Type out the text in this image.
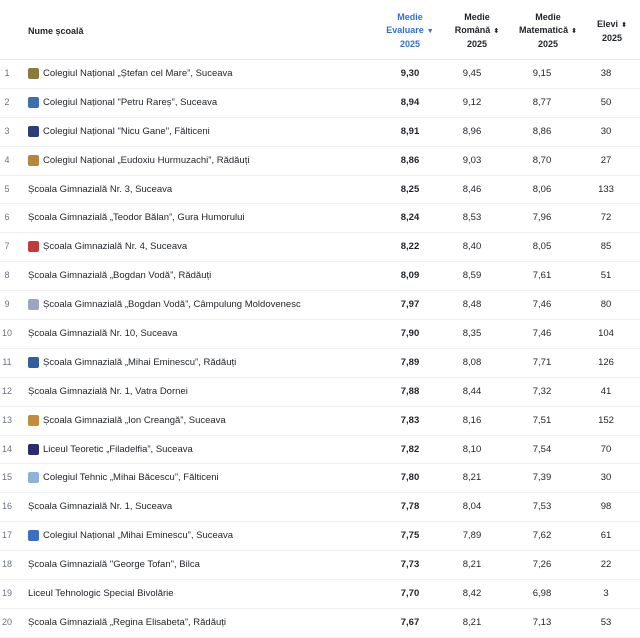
Nume școală
Medie
Evaluare ▼
2025
Medie
Română ⬍
2025
Medie
Matematică ⬍
2025
Elevi ⬍
2025
1	Colegiul Național „Ștefan cel Mare”, Suceava	9,30	9,45	9,15	38
2	Colegiul Național "Petru Rareș", Suceava	8,94	9,12	8,77	50
3	Colegiul Național "Nicu Gane", Fălticeni	8,91	8,96	8,86	30
4	Colegiul Național „Eudoxiu Hurmuzachi”, Rădăuți	8,86	9,03	8,70	27
5	Școala Gimnazială Nr. 3, Suceava	8,25	8,46	8,06	133
6	Școala Gimnazială „Teodor Bălan”, Gura Humorului	8,24	8,53	7,96	72
7	Școala Gimnazială Nr. 4, Suceava	8,22	8,40	8,05	85
8	Școala Gimnazială „Bogdan Vodă”, Rădăuți	8,09	8,59	7,61	51
9	Școala Gimnazială „Bogdan Vodă”, Câmpulung Moldovenesc	7,97	8,48	7,46	80
10 Școala Gimnazială Nr. 10, Suceava	7,90	8,35	7,46	104
11	Școala Gimnazială „Mihai Eminescu”, Rădăuți	7,89	8,08	7,71	126
12 Școala Gimnazială Nr. 1, Vatra Dornei	7,88	8,44	7,32	41
13	Școala Gimnazială „Ion Creangă”, Suceava	7,83	8,16	7,51	152
14	Liceul Teoretic „Filadelfia”, Suceava	7,82	8,10	7,54	70
15	Colegiul Tehnic „Mihai Băcescu”, Fălticeni	7,80	8,21	7,39	30
16 Școala Gimnazială Nr. 1, Suceava	7,78	8,04	7,53	98
17	Colegiul Național „Mihai Eminescu”, Suceava	7,75	7,89	7,62	61
18 Școala Gimnazială "George Tofan", Bilca	7,73	8,21	7,26	22
19 Liceul Tehnologic Special Bivolărie	7,70	8,42	6,98	3
20 Școala Gimnazială „Regina Elisabeta”, Rădăuți	7,67	8,21	7,13	53
